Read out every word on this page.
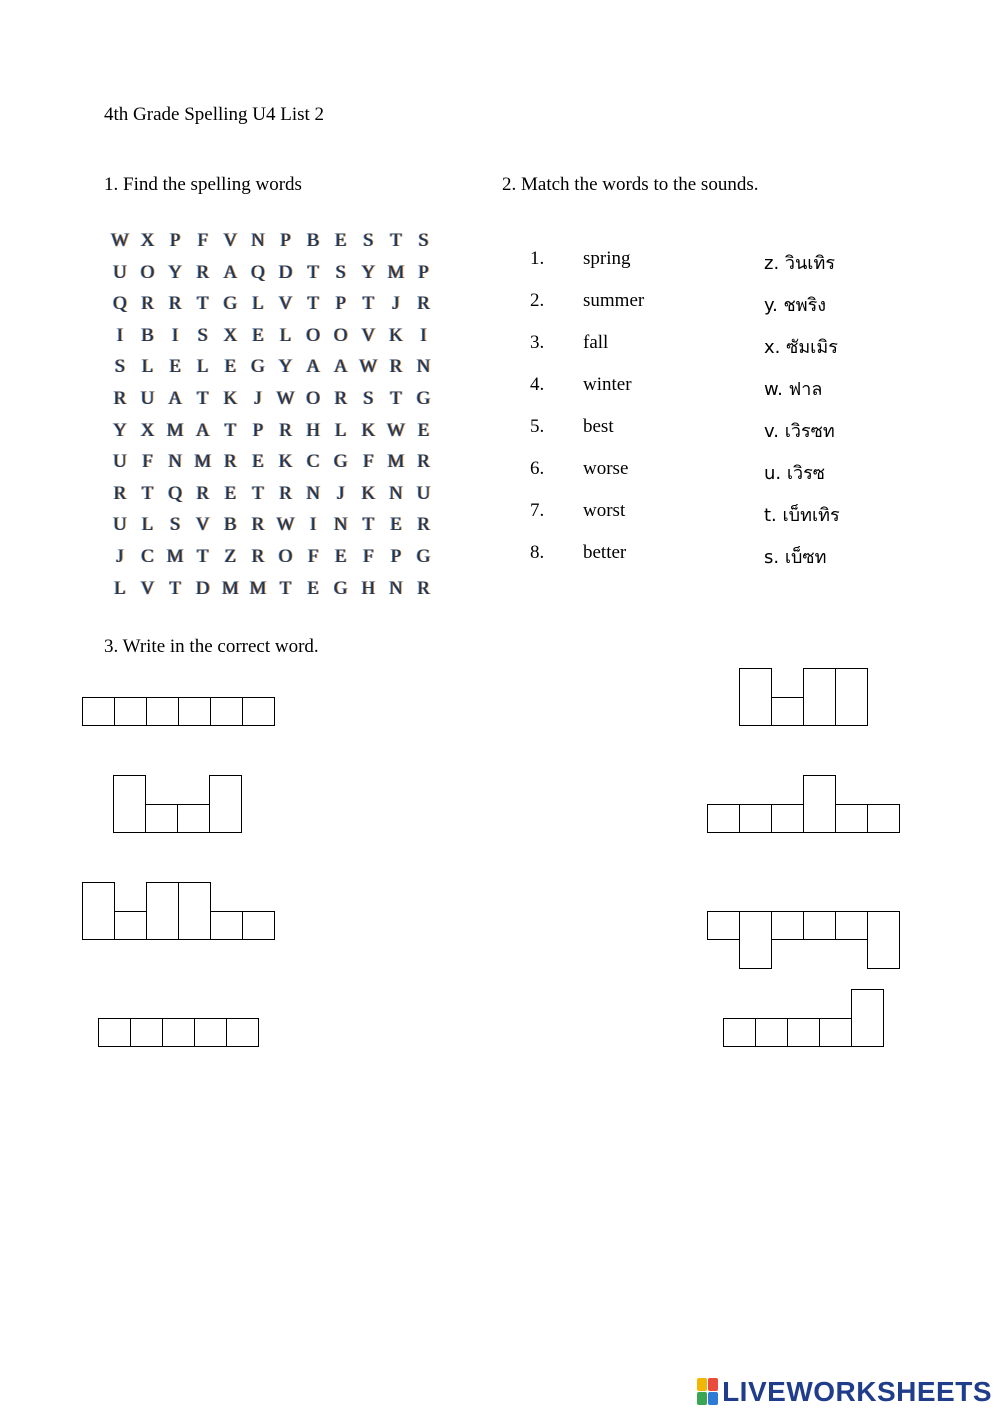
4th Grade Spelling U4 List 2
1. Find the spelling words	2. Match the words to the sounds.
W X P F V N P B E S T S
U O Y R A Q D T S Y M P
Q R R T G L V T P T J R
I B I	S X E L O O V K I
S L E L E G Y A A W R N
R U A T K J W O R S T G
Y X M A T P R H L K W E
U F N M R E K C G F M R
R T Q R E T R N J K N U
U L S V B R W I N T E R
J C M T Z R O F E F P G
L V T D M M T E G H N R
1. spring	z. วินเทิร
2. summer	y. ชพริง
3. fall	x. ซัมเมิร
4. winter	w. ฟาล
5. best	v. เวิรซท
6. worse	u. เวิรซ
7. worst	t. เบ็ทเทิร
8. better	s. เบ็ซท
3. Write in the correct word.
LIVEWORKSHEETS
